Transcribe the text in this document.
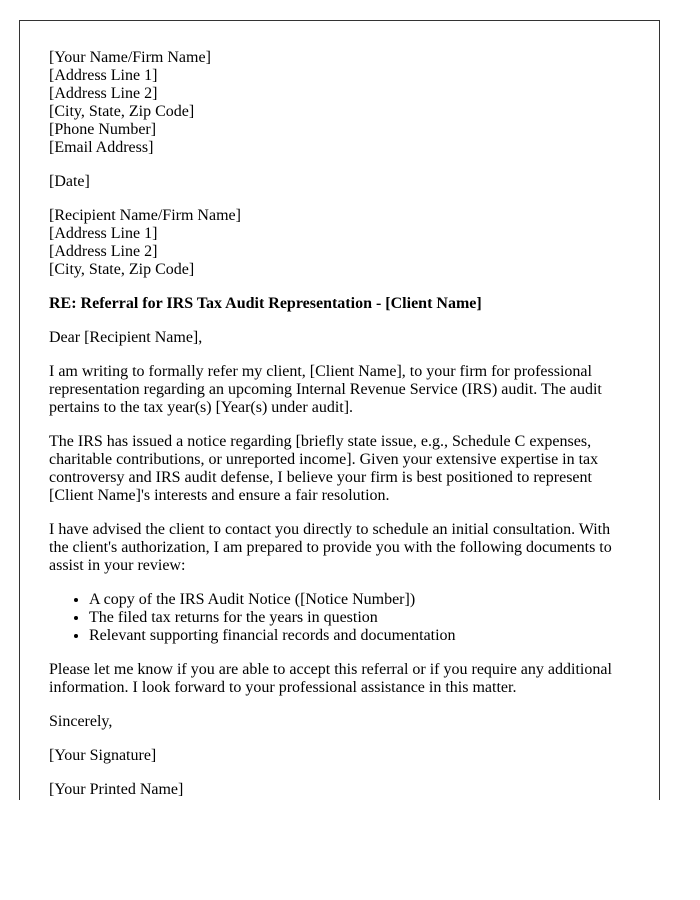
[Your Name/Firm Name]
[Address Line 1]
[Address Line 2]
[City, State, Zip Code]
[Phone Number]
[Email Address]

[Date]

[Recipient Name/Firm Name]
[Address Line 1]
[Address Line 2]
[City, State, Zip Code]

RE: Referral for IRS Tax Audit Representation - [Client Name]

Dear [Recipient Name],

I am writing to formally refer my client, [Client Name], to your firm for professional representation regarding an upcoming Internal Revenue Service (IRS) audit. The audit pertains to the tax year(s) [Year(s) under audit].

The IRS has issued a notice regarding [briefly state issue, e.g., Schedule C expenses, charitable contributions, or unreported income]. Given your extensive expertise in tax controversy and IRS audit defense, I believe your firm is best positioned to represent [Client Name]'s interests and ensure a fair resolution.

I have advised the client to contact you directly to schedule an initial consultation. With the client's authorization, I am prepared to provide you with the following documents to assist in your review:

• A copy of the IRS Audit Notice ([Notice Number])
• The filed tax returns for the years in question
• Relevant supporting financial records and documentation

Please let me know if you are able to accept this referral or if you require any additional information. I look forward to your professional assistance in this matter.

Sincerely,

[Your Signature]

[Your Printed Name]
